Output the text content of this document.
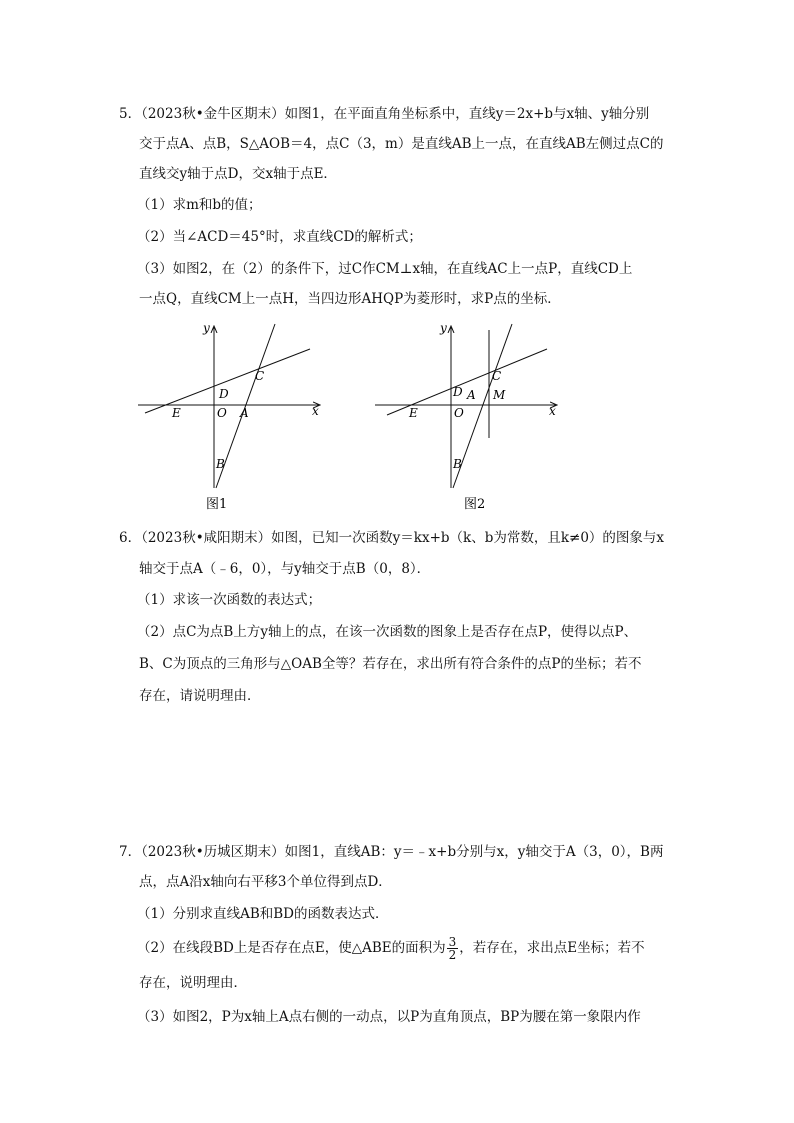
5．（2023秋•金牛区期末）如图1，在平面直角坐标系中，直线y＝2x+b与x轴、y轴分别
交于点A、点B，S△AOB＝4，点C（3，m）是直线AB上一点，在直线AB左侧过点C的
直线交y轴于点D，交x轴于点E．
（1）求m和b的值；
（2）当∠ACD＝45°时，求直线CD的解析式；
（3）如图2，在（2）的条件下，过C作CM⊥x轴，在直线AC上一点P，直线CD上
一点Q，直线CM上一点H，当四边形AHQP为菱形时，求P点的坐标．
y
x
C
D
E	O A
B
图1
y
x
C
D A M
E	O
B
图2
6．（2023秋•咸阳期末）如图，已知一次函数y＝kx+b（k、b为常数，且k≠0）的图象与x
轴交于点A（﹣6，0），与y轴交于点B（0，8）．
（1）求该一次函数的表达式；
（2）点C为点B上方y轴上的点，在该一次函数的图象上是否存在点P，使得以点P、
B、C为顶点的三角形与△OAB全等？若存在，求出所有符合条件的点P的坐标；若不
存在，请说明理由．
7．（2023秋•历城区期末）如图1，直线AB：y＝﹣x+b分别与x，y轴交于A（3，0），B两
点，点A沿x轴向右平移3个单位得到点D．
（1）分别求直线AB和BD的函数表达式．
（2）在线段BD上是否存在点E，使△ABE的面积为 $\frac{3}{2}$ ，若存在，求出点E坐标；若不
存在，说明理由．
（3）如图2，P为x轴上A点右侧的一动点，以P为直角顶点，BP为腰在第一象限内作
